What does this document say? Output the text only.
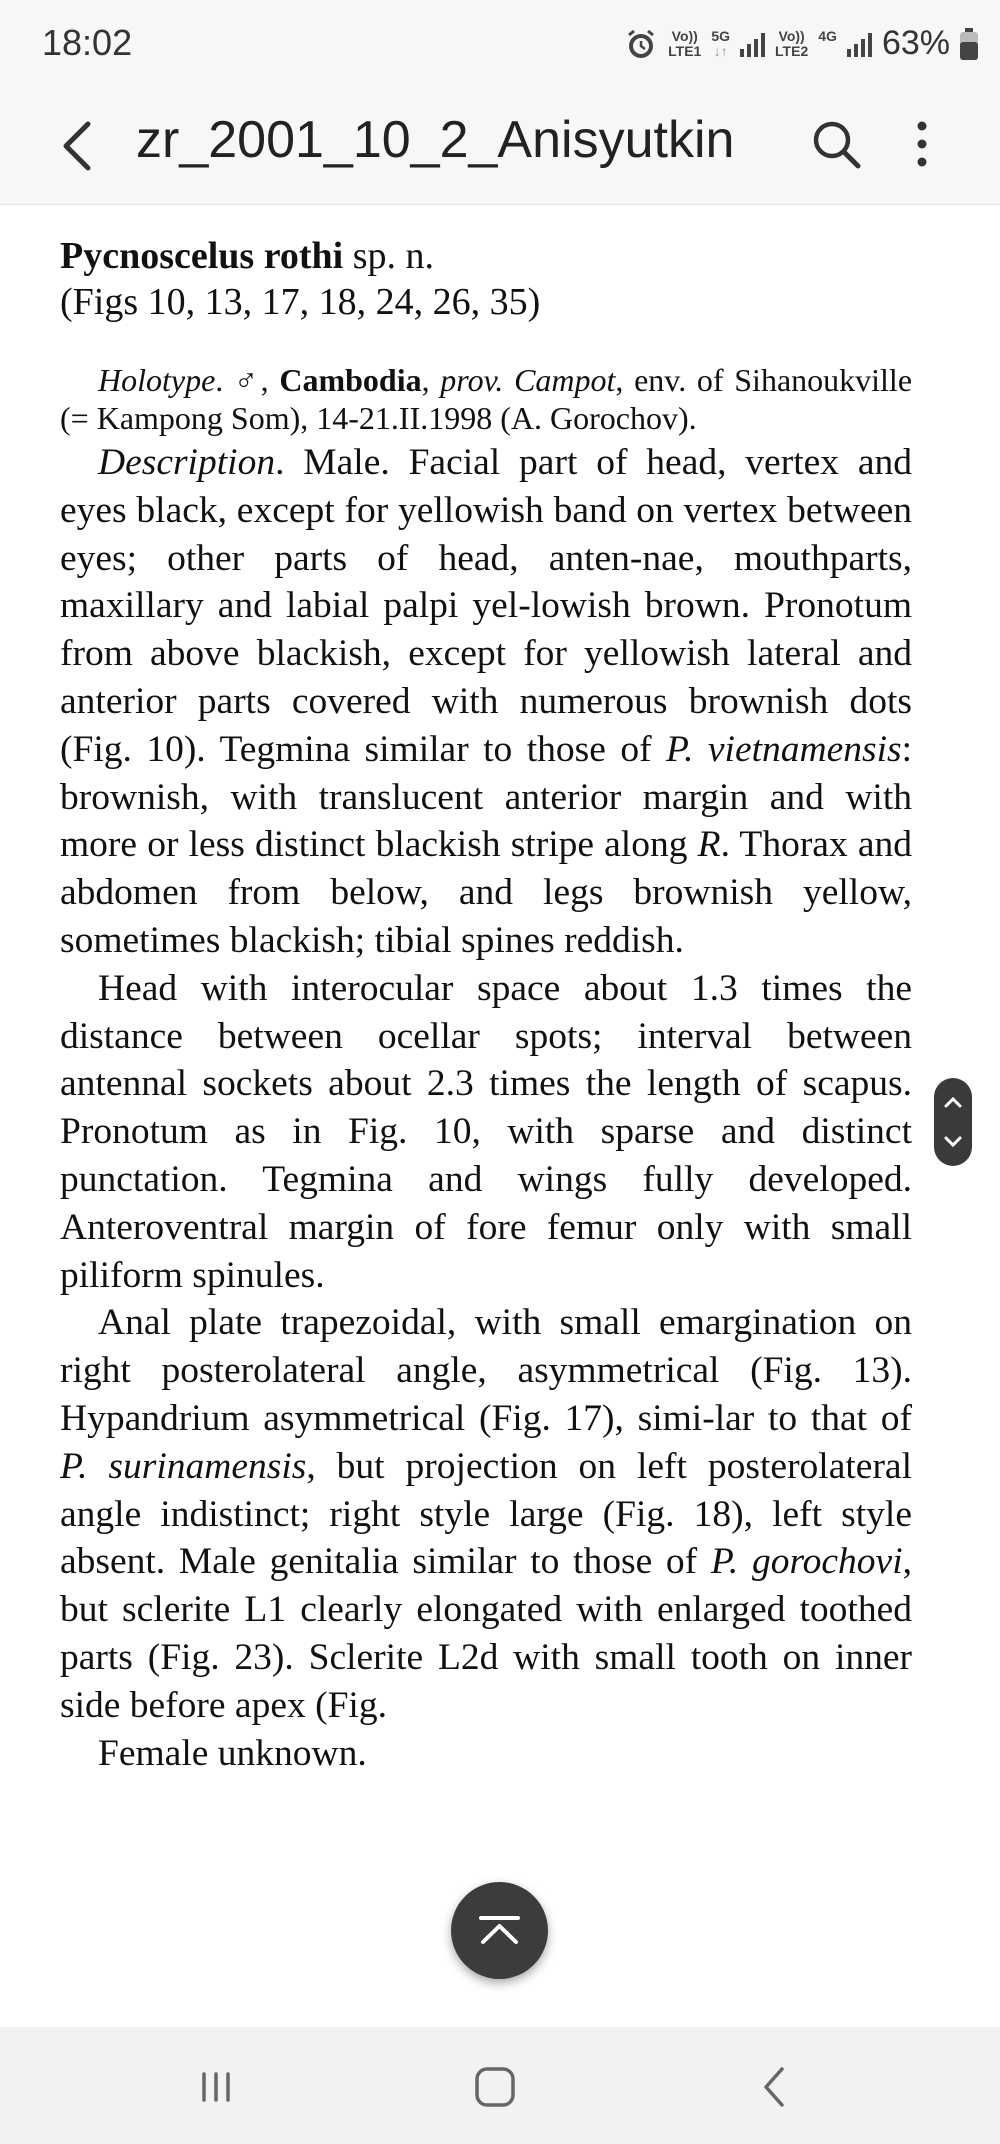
18:02	Vo))
LTE1
5G
↓↑
Vo))
LTE2
4G
63%
zr_2001_10_2_Anisyutkin

Pycnoscelus rothi sp. n.

(Figs 10, 13, 17, 18, 24, 26, 35)

Holotype. ♂, Cambodia, prov. Campot, env. of Sihanoukville (= Kampong Som), 14-21.II.1998 (A. Gorochov).

Description. Male. Facial part of head, vertex and eyes black, except for yellowish band on vertex between eyes; other parts of head, anten-nae, mouthparts, maxillary and labial palpi yel-lowish brown. Pronotum from above blackish, except for yellowish lateral and anterior parts covered with numerous brownish dots (Fig. 10). Tegmina similar to those of P. vietnamensis: brownish, with translucent anterior margin and with more or less distinct blackish stripe along R. Thorax and abdomen from below, and legs brownish yellow, sometimes blackish; tibial spines reddish.

Head with interocular space about 1.3 times the distance between ocellar spots; interval between antennal sockets about 2.3 times the length of scapus. Pronotum as in Fig. 10, with sparse and distinct punctation. Tegmina and wings fully developed. Anteroventral margin of fore femur only with small piliform spinules.

Anal plate trapezoidal, with small emargination on right posterolateral angle, asymmetrical (Fig. 13). Hypandrium asymmetrical (Fig. 17), simi-lar to that of P. surinamensis, but projection on left posterolateral angle indistinct; right style large (Fig. 18), left style absent. Male genitalia similar to those of P. gorochovi, but sclerite L1 clearly elongated with enlarged toothed parts (Fig. 23). Sclerite L2d with small tooth on inner side before apex (Fig.

Female unknown.
